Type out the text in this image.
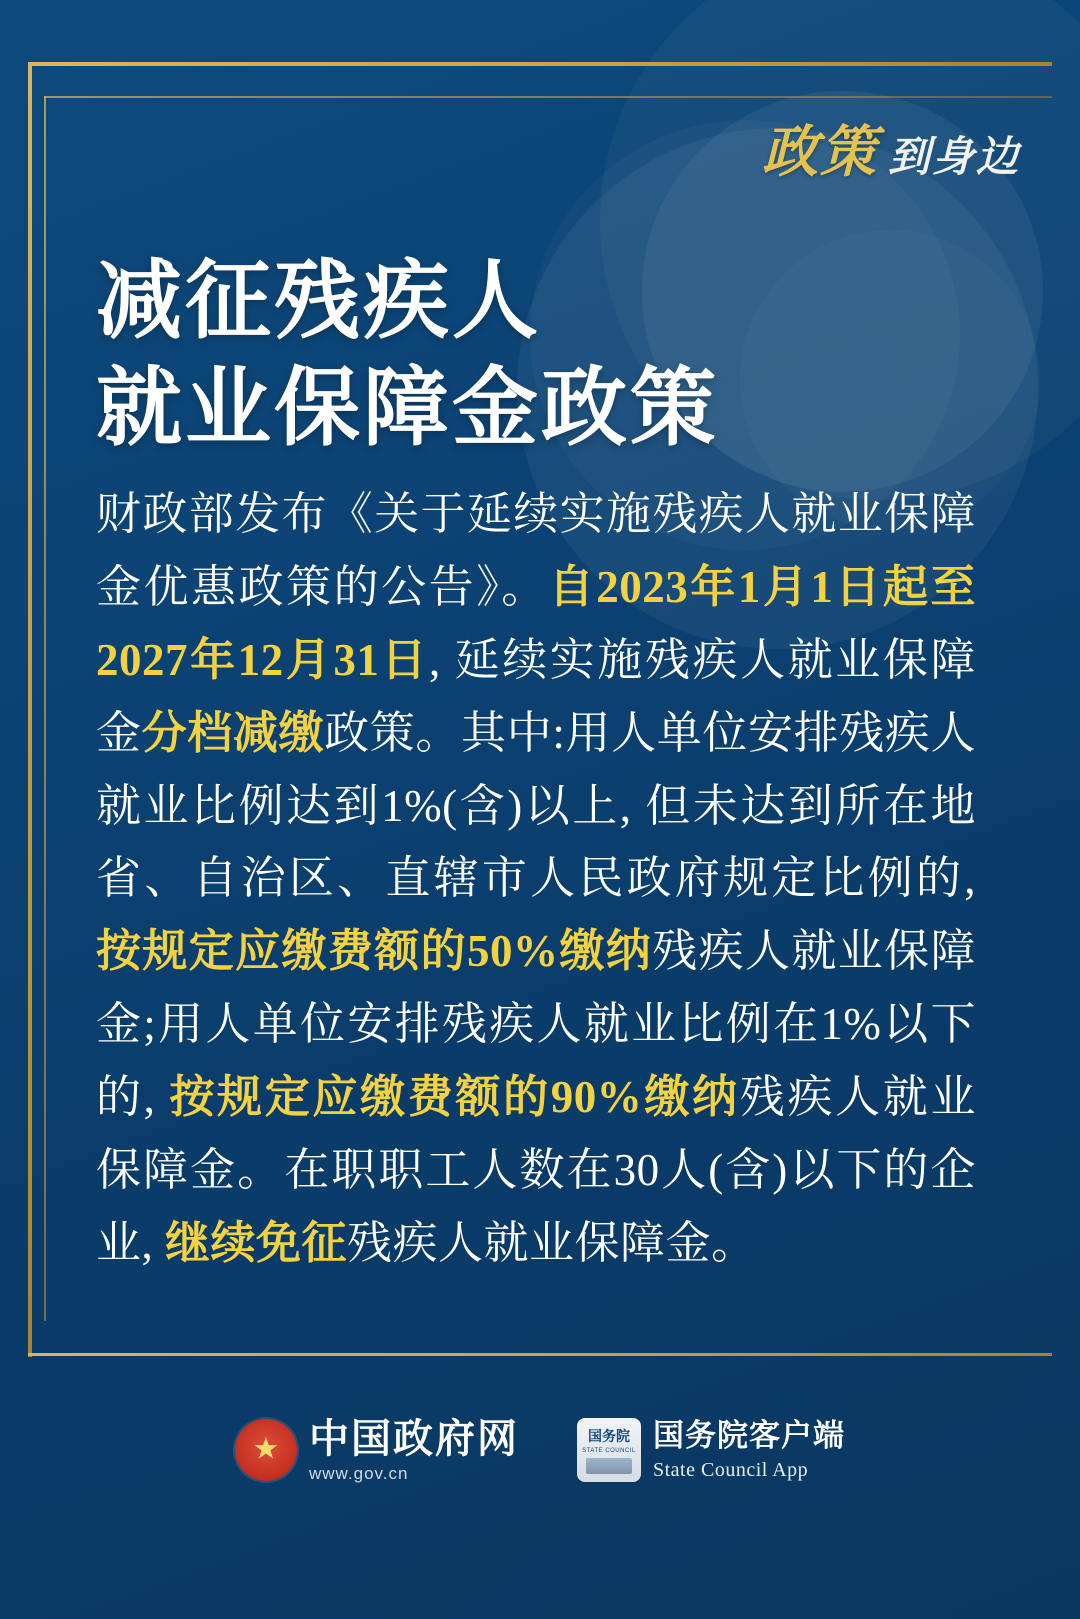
政策 到身边
减征残疾人
就业保障金政策
财政部发布《关于延续实施残疾人就业保障金优惠政策的公告》。自2023年1月1日起至2027年12月31日, 延续实施残疾人就业保障金分档减缴政策。其中:用人单位安排残疾人就业比例达到1%(含)以上, 但未达到所在地省、自治区、直辖市人民政府规定比例的, 按规定应缴费额的50%缴纳残疾人就业保障金;用人单位安排残疾人就业比例在1%以下的, 按规定应缴费额的90%缴纳残疾人就业保障金。在职职工人数在30人(含)以下的企业, 继续免征残疾人就业保障金。
★
中国政府网
www.gov.cn
国务院
STATE COUNCIL 国务院客户端
State Council App
